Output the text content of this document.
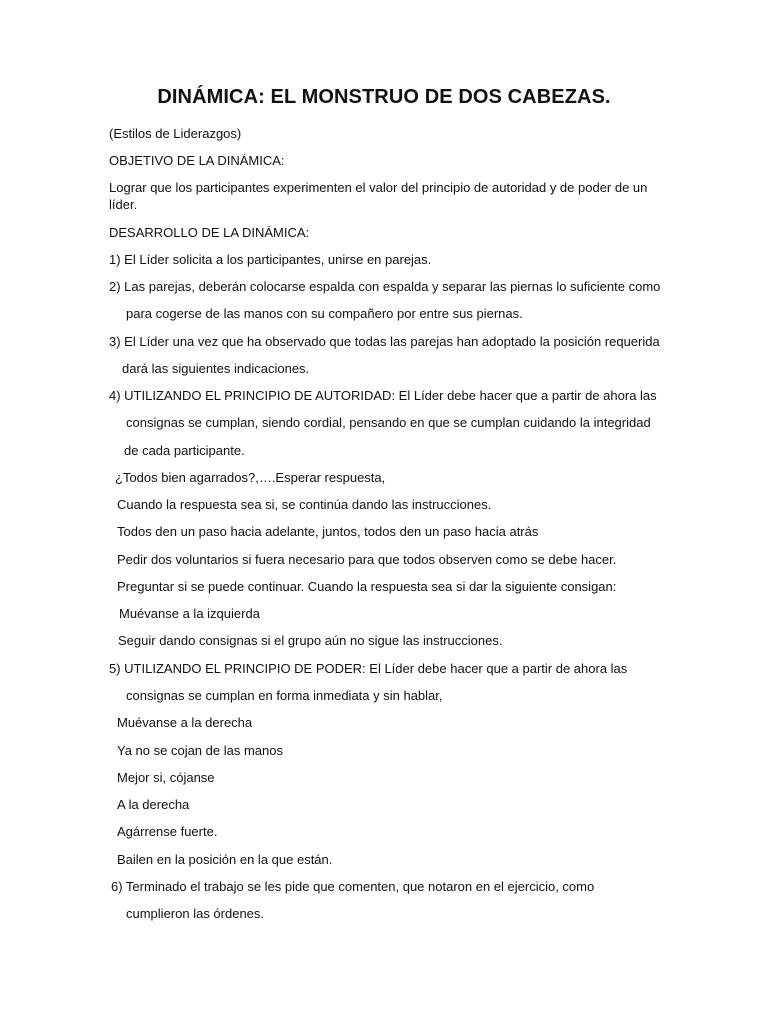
DINÁMICA: EL MONSTRUO DE DOS CABEZAS.
(Estilos de Liderazgos)
OBJETIVO DE LA DINÁMICA:
Lograr que los participantes experimenten el valor del principio de autoridad y de poder de un
líder.
DESARROLLO DE LA DINÁMICA:
1) El Líder solicita a los participantes, unirse en parejas.
2) Las parejas, deberán colocarse espalda con espalda y separar las piernas lo suficiente como
para cogerse de las manos con su compañero por entre sus piernas.
3) El Líder una vez que ha observado que todas las parejas han adoptado la posición requerida
dará las siguientes indicaciones.
4) UTILIZANDO EL PRINCIPIO DE AUTORIDAD: El Líder debe hacer que a partir de ahora las
consignas se cumplan, siendo cordial, pensando en que se cumplan cuidando la integridad
de cada participante.
¿Todos bien agarrados?,….Esperar respuesta,
Cuando la respuesta sea si, se continúa dando las instrucciones.
Todos den un paso hacia adelante, juntos, todos den un paso hacia atrás
Pedir dos voluntarios si fuera necesario para que todos observen como se debe hacer.
Preguntar si se puede continuar. Cuando la respuesta sea si dar la siguiente consigan:
Muévanse a la izquierda
Seguir dando consignas si el grupo aún no sigue las instrucciones.
5) UTILIZANDO EL PRINCIPIO DE PODER: El Líder debe hacer que a partir de ahora las
consignas se cumplan en forma inmediata y sin hablar,
Muévanse a la derecha
Ya no se cojan de las manos
Mejor si, cójanse
A la derecha
Agárrense fuerte.
Bailen en la posición en la que están.
6) Terminado el trabajo se les pide que comenten, que notaron en el ejercicio, como
cumplieron las órdenes.
